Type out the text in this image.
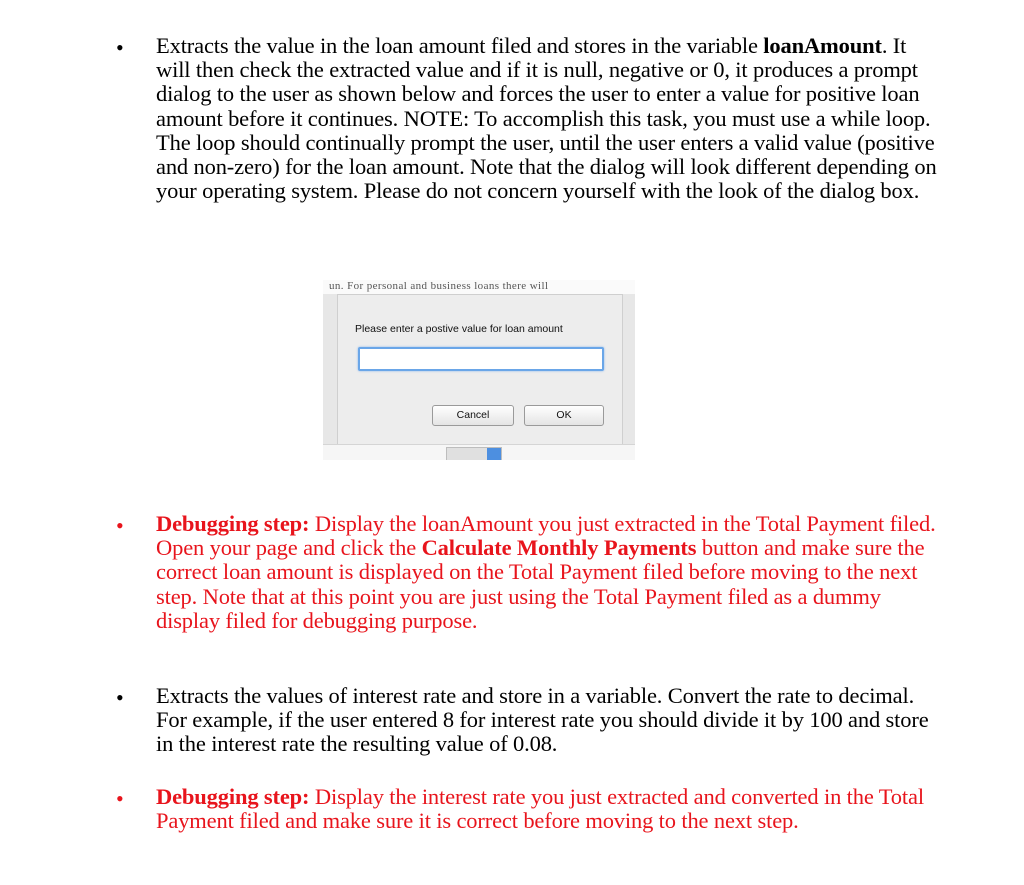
• Extracts the value in the loan amount filed and stores in the variable loanAmount. It will then check the extracted value and if it is null, negative or 0, it produces a prompt dialog to the user as shown below and forces the user to enter a value for positive loan amount before it continues. NOTE: To accomplish this task, you must use a while loop. The loop should continually prompt the user, until the user enters a valid value (positive and non-zero) for the loan amount. Note that the dialog will look different depending on your operating system. Please do not concern yourself with the look of the dialog box.

un. For personal and business loans there will
Please enter a postive value for loan amount
Cancel	OK
• Debugging step: Display the loanAmount you just extracted in the Total Payment filed. Open your page and click the Calculate Monthly Payments button and make sure the correct loan amount is displayed on the Total Payment filed before moving to the next step. Note that at this point you are just using the Total Payment filed as a dummy display filed for debugging purpose.

• Extracts the values of interest rate and store in a variable. Convert the rate to decimal. For example, if the user entered 8 for interest rate you should divide it by 100 and store in the interest rate the resulting value of 0.08.

• Debugging step: Display the interest rate you just extracted and converted in the Total Payment filed and make sure it is correct before moving to the next step.
